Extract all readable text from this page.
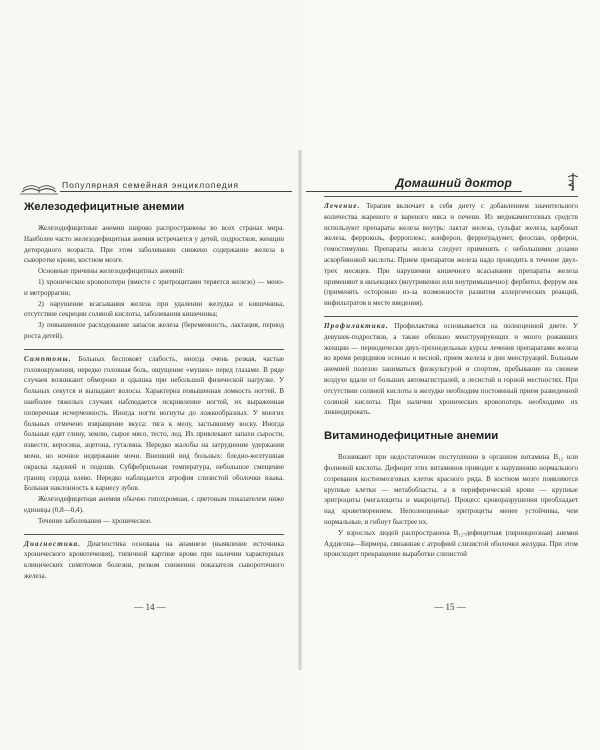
Популярная семейная энциклопедия	Домашний доктор
Железодефицитные анемии

Железодефицитные анемии широко распространены во всех странах мира. Наиболее часто железодефицитная анемия встречается у детей, подростков, женщин детородного возраста. При этом заболевании снижено содержание железа в сыворотке крови, костном мозге.

Основные причины железодефицитных анемий:

1) хронические кровопотери (вместе с эритроцитами теряется железо) — мено- и метроррагии;

2) нарушение всасывания железа при удалении желудка и кишечника, отсутствие секреции соляной кислоты, заболевания кишечника;

3) повышенное расходование запасов железа (беременность, лактация, период роста детей).

Симптомы. Больных беспокоят слабость, иногда очень резкая, частые головокружения, нередко головная боль, ощущение «мушек» перед глазами. В ряде случаев возникают обмороки и одышка при небольшой физической нагрузке. У больных секутся и выпадают волосы. Характерна повышенная ломкость ногтей. В наиболее тяжелых случаях наблюдается искривление ногтей, их выраженная поперечная исчерченность. Иногда ногти вогнуты до ложкообразных. У многих больных отмечено извращение вкуса: тяга к мелу, застывшему воску. Иногда больные едят глину, землю, сырое мясо, тесто, лед. Их привлекают запахи сырости, извести, керосина, ацетона, гуталина. Нередко жалобы на затруднение удержания мочи, но ночное недержание мочи. Внешний вид больных: бледно-желтушная окраска ладоней и подошв. Субфебрильная температура, небольшое смещение границ сердца влево. Нередко наблюдается атрофия слизистой оболочки языка. Больная наклонность к кариесу зубов.

Железодефицитная анемия обычно гипохромная, с цветовым показателем ниже единицы (0,8—0,4).

Течение заболевания — хроническое.

Диагностика. Диагностика основана на анамнезе (выявление источника хронического кровотечения), типичной картине крови при наличии характерных клинических симптомов болезни, резком снижении показателя сывороточного железа.

— 14 —

Лечение. Терапия включает в себя диету с добавлением значительного количества жареного и вареного мяса и печени. Из медикаментозных средств используют препараты железа внутрь: лактат железа, сульфат железа, карбонат железа, ферроколь, ферроплекс, конферон, ферроградумет, феоспан, орферон, гемостимулин. Препараты железа следует применять с небольшими дозами аскорбиновой кислоты. Прием препаратов железа надо проводить в течение двух-трех месяцев. При нарушении кишечного всасывания препараты железа применяют в инъекциях (внутривенно или внутримышечно): фербитол, феррум лек (применять осторожно из-за возможности развития аллергических реакций, инфильтратов в месте введения).

Профилактика. Профилактика основывается на полноценной диете. У девушек-подростков, а также обильно менструирующих и много рожавших женщин — периодически двух-трехнедельные курсы лечения препаратами железа во время рецидивов осенью и весной, прием железа в дни менструаций. Больным анемией полезно заниматься физкультурой и спортом, пребывание на свежем воздухе вдали от больших автомагистралей, в лесистой и горной местностях. При отсутствии соляной кислоты в желудке необходим постоянный прием разведенной соляной кислоты. При наличии хронических кровопотерь необходимо их ликвидировать.

Витаминодефицитные анемии

Возникают при недостаточном поступлении в организм витамина B₁₂ или фолиевой кислоты. Дефицит этих витаминов приводит к нарушению нормального созревания костномозговых клеток красного ряда. В костном мозге появляются крупные клетки — метабобласты, а в периферической крови — крупные эритроциты (мегалоциты и макроциты). Процесс кроворазрушения преобладает над кроветворением. Неполноценные эритроциты менее устойчивы, чем нормальные, и гибнут быстрее их.

У взрослых людей распространена B₁₂-дефицитная (пернициозная) анемия Аддисона—Бирмера, связанная с атрофией слизистой оболочки желудка. При этом происходит прекращение выработки слизистой

— 15 —
